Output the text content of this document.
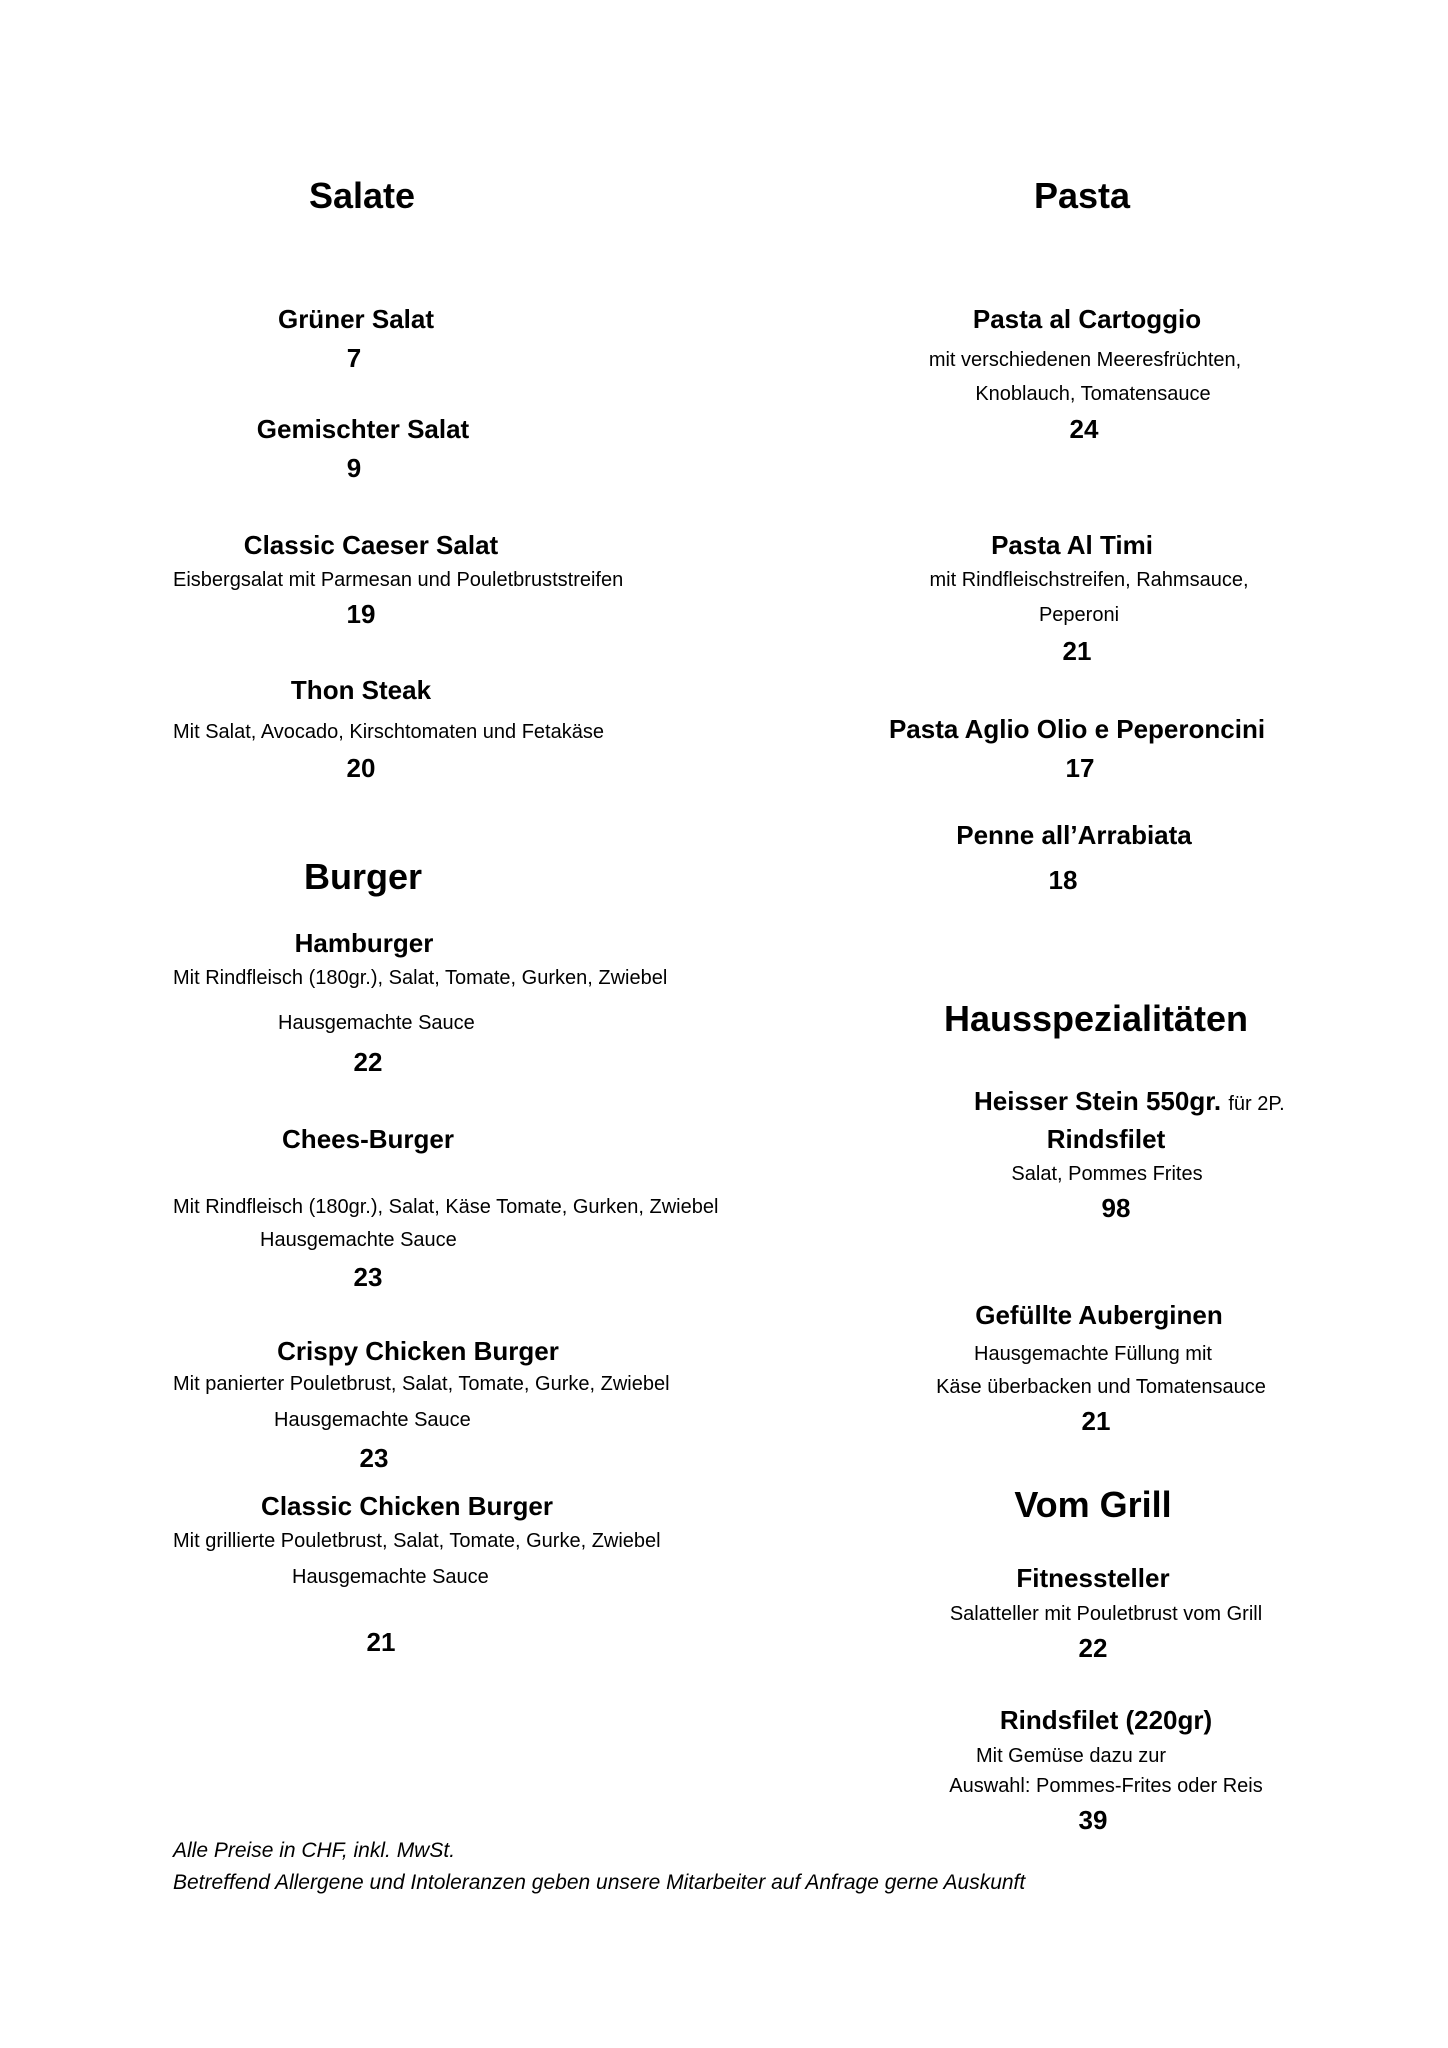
Salate
Grüner Salat
7
Gemischter Salat
9
Classic Caeser Salat
Eisbergsalat mit Parmesan und Pouletbruststreifen
19
Thon Steak
Mit Salat, Avocado, Kirschtomaten und Fetakäse
20
Burger
Hamburger
Mit Rindfleisch (180gr.), Salat, Tomate, Gurken, Zwiebel
Hausgemachte Sauce
22
Chees-Burger
Mit Rindfleisch (180gr.), Salat, Käse Tomate, Gurken, Zwiebel
Hausgemachte Sauce
23
Crispy Chicken Burger
Mit panierter Pouletbrust, Salat, Tomate, Gurke, Zwiebel
Hausgemachte Sauce
23
Classic Chicken Burger
Mit grillierte Pouletbrust, Salat, Tomate, Gurke, Zwiebel
Hausgemachte Sauce
21
Pasta
Pasta al Cartoggio
mit verschiedenen Meeresfrüchten,
Knoblauch, Tomatensauce
24
Pasta Al Timi
mit Rindfleischstreifen, Rahmsauce,
Peperoni
21
Pasta Aglio Olio e Peperoncini
17
Penne all’Arrabiata
18
Hausspezialitäten
Heisser Stein 550gr. für 2P.
Rindsfilet
Salat, Pommes Frites
98
Gefüllte Auberginen
Hausgemachte Füllung mit
Käse überbacken und Tomatensauce
21
Vom Grill
Fitnessteller
Salatteller mit Pouletbrust vom Grill
22
Rindsfilet (220gr)
Mit Gemüse dazu zur
Auswahl: Pommes-Frites oder Reis
39
Alle Preise in CHF, inkl. MwSt.
Betreffend Allergene und Intoleranzen geben unsere Mitarbeiter auf Anfrage gerne Auskunft
